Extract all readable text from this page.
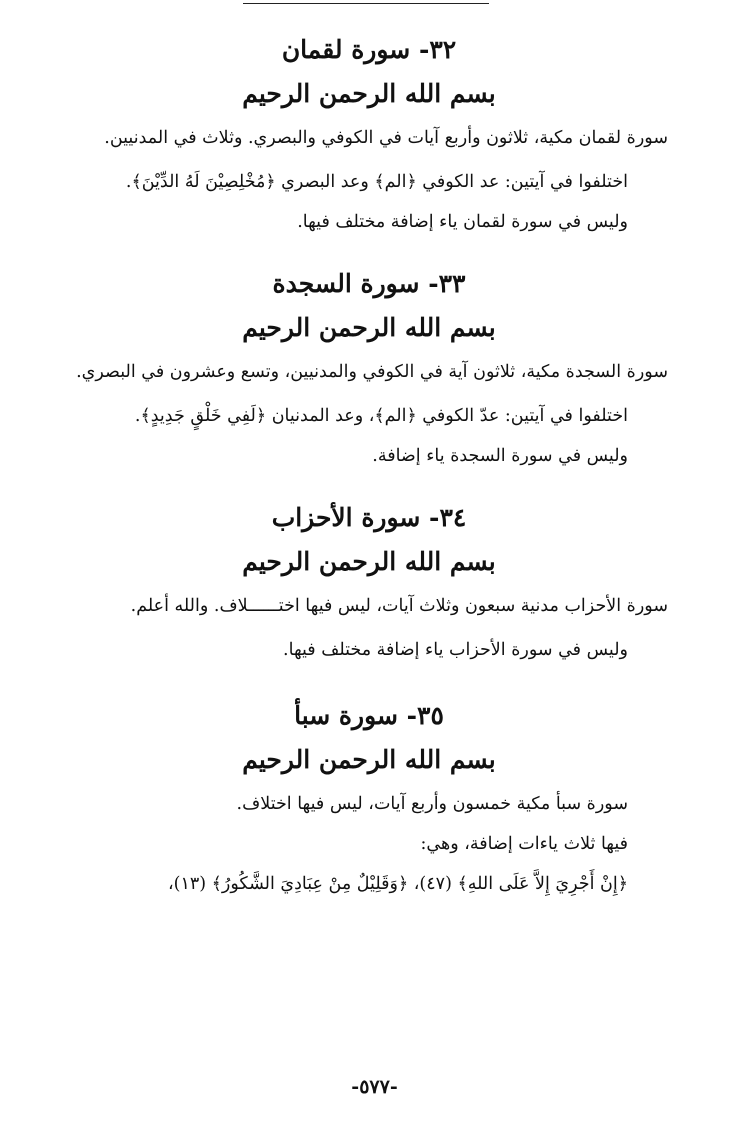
٣٢- سورة لقمان

بسم الله الرحمن الرحيم

سورة لقمان مكية، ثلاثون وأربع آيات في الكوفي والبصري. وثلاث في المدنيين.

اختلفوا في آيتين: عد الكوفي ﴿الم﴾ وعد البصري ﴿مُخْلِصِيْنَ لَهُ الدِّيْنَ﴾.

وليس في سورة لقمان ياء إضافة مختلف فيها.

٣٣- سورة السجدة

بسم الله الرحمن الرحيم

سورة السجدة مكية، ثلاثون آية في الكوفي والمدنيين، وتسع وعشرون في البصري.

اختلفوا في آيتين: عدّ الكوفي ﴿الم﴾، وعد المدنيان ﴿لَفِي خَلْقٍ جَدِيدٍ﴾.

وليس في سورة السجدة ياء إضافة.

٣٤- سورة الأحزاب

بسم الله الرحمن الرحيم

سورة الأحزاب مدنية سبعون وثلاث آيات، ليس فيها اختــــــلاف. والله أعلم.

وليس في سورة الأحزاب ياء إضافة مختلف فيها.

٣٥- سورة سبأ

بسم الله الرحمن الرحيم

سورة سبأ مكية خمسون وأربع آيات، ليس فيها اختلاف.

فيها ثلاث ياءات إضافة، وهي:

﴿إِنْ أَجْرِيَ إِلاَّ عَلَى اللهِ﴾ (٤٧)، ﴿وَقَلِيْلٌ مِنْ عِبَادِيَ الشَّكُورُ﴾ (١٣)،

-٥٧٧-
